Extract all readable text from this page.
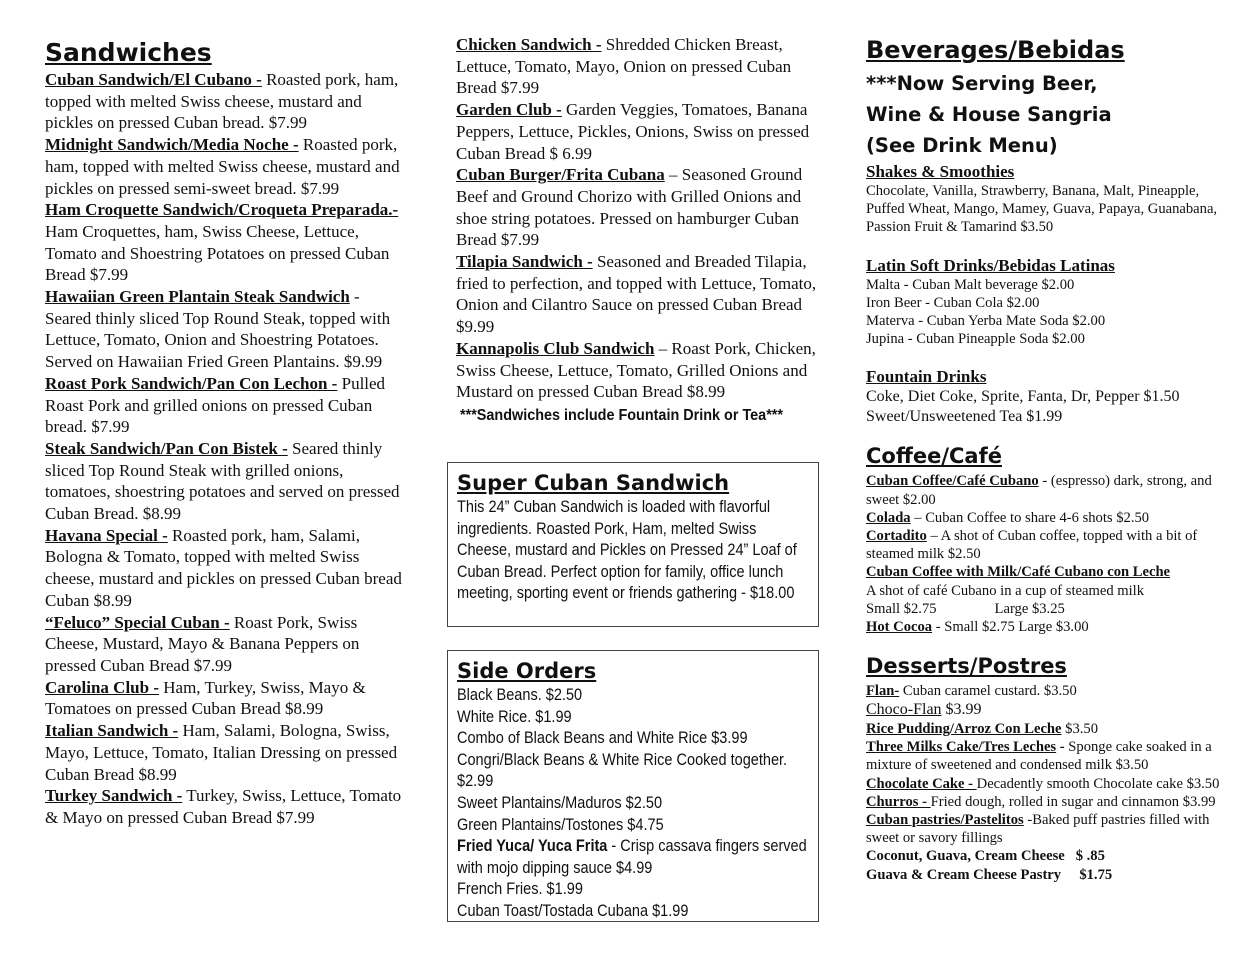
Sandwiches
Cuban Sandwich/El Cubano - Roasted pork, ham, topped with melted Swiss cheese, mustard and pickles on pressed Cuban bread. $7.99
Midnight Sandwich/Media Noche - Roasted pork, ham, topped with melted Swiss cheese, mustard and pickles on pressed semi-sweet bread. $7.99
Ham Croquette Sandwich/Croqueta Preparada.- Ham Croquettes, ham, Swiss Cheese, Lettuce, Tomato and Shoestring Potatoes on pressed Cuban Bread $7.99
Hawaiian Green Plantain Steak Sandwich - Seared thinly sliced Top Round Steak, topped with Lettuce, Tomato, Onion and Shoestring Potatoes. Served on Hawaiian Fried Green Plantains. $9.99
Roast Pork Sandwich/Pan Con Lechon - Pulled Roast Pork and grilled onions on pressed Cuban bread. $7.99
Steak Sandwich/Pan Con Bistek - Seared thinly sliced Top Round Steak with grilled onions, tomatoes, shoestring potatoes and served on pressed Cuban Bread. $8.99
Havana Special - Roasted pork, ham, Salami, Bologna & Tomato, topped with melted Swiss cheese, mustard and pickles on pressed Cuban bread Cuban $8.99
“Feluco” Special Cuban - Roast Pork, Swiss Cheese, Mustard, Mayo & Banana Peppers on pressed Cuban Bread $7.99
Carolina Club - Ham, Turkey, Swiss, Mayo & Tomatoes on pressed Cuban Bread $8.99
Italian Sandwich - Ham, Salami, Bologna, Swiss, Mayo, Lettuce, Tomato, Italian Dressing on pressed Cuban Bread $8.99
Turkey Sandwich - Turkey, Swiss, Lettuce, Tomato & Mayo on pressed Cuban Bread $7.99
Chicken Sandwich - Shredded Chicken Breast, Lettuce, Tomato, Mayo, Onion on pressed Cuban Bread $7.99
Garden Club - Garden Veggies, Tomatoes, Banana Peppers, Lettuce, Pickles, Onions, Swiss on pressed Cuban Bread $ 6.99
Cuban Burger/Frita Cubana – Seasoned Ground Beef and Ground Chorizo with Grilled Onions and shoe string potatoes. Pressed on hamburger Cuban Bread $7.99
Tilapia Sandwich - Seasoned and Breaded Tilapia, fried to perfection, and topped with Lettuce, Tomato, Onion and Cilantro Sauce on pressed Cuban Bread $9.99
Kannapolis Club Sandwich – Roast Pork, Chicken, Swiss Cheese, Lettuce, Tomato, Grilled Onions and Mustard on pressed Cuban Bread $8.99
***Sandwiches include Fountain Drink or Tea***
Super Cuban Sandwich
This 24” Cuban Sandwich is loaded with flavorful ingredients. Roasted Pork, Ham, melted Swiss Cheese, mustard and Pickles on Pressed 24” Loaf of Cuban Bread. Perfect option for family, office lunch meeting, sporting event or friends gathering - $18.00
Side Orders
Black Beans. $2.50
White Rice. $1.99
Combo of Black Beans and White Rice $3.99
Congri/Black Beans & White Rice Cooked together. $2.99
Sweet Plantains/Maduros $2.50
Green Plantains/Tostones $4.75
Fried Yuca/ Yuca Frita - Crisp cassava fingers served with mojo dipping sauce $4.99
French Fries. $1.99
Cuban Toast/Tostada Cubana $1.99
Beverages/Bebidas
***Now Serving Beer,
Wine & House Sangria
(See Drink Menu)
Shakes & Smoothies
Chocolate, Vanilla, Strawberry, Banana, Malt, Pineapple, Puffed Wheat, Mango, Mamey, Guava, Papaya, Guanabana, Passion Fruit & Tamarind $3.50
Latin Soft Drinks/Bebidas Latinas
Malta - Cuban Malt beverage $2.00
Iron Beer - Cuban Cola $2.00
Materva - Cuban Yerba Mate Soda $2.00
Jupina - Cuban Pineapple Soda $2.00
Fountain Drinks
Coke, Diet Coke, Sprite, Fanta, Dr, Pepper $1.50
Sweet/Unsweetened Tea $1.99
Coffee/Café
Cuban Coffee/Café Cubano - (espresso) dark, strong, and sweet $2.00
Colada – Cuban Coffee to share 4-6 shots $2.50
Cortadito – A shot of Cuban coffee, topped with a bit of steamed milk $2.50
Cuban Coffee with Milk/Café Cubano con Leche
A shot of café Cubano in a cup of steamed milk
Small $2.75	Large $3.25
Hot Cocoa - Small $2.75 Large $3.00
Desserts/Postres
Flan- Cuban caramel custard. $3.50
Choco-Flan $3.99
Rice Pudding/Arroz Con Leche $3.50
Three Milks Cake/Tres Leches - Sponge cake soaked in a mixture of sweetened and condensed milk $3.50
Chocolate Cake - Decadently smooth Chocolate cake $3.50
Churros - Fried dough, rolled in sugar and cinnamon $3.99
Cuban pastries/Pastelitos -Baked puff pastries filled with sweet or savory fillings
Coconut, Guava, Cream Cheese   $ .85
Guava & Cream Cheese Pastry     $1.75
